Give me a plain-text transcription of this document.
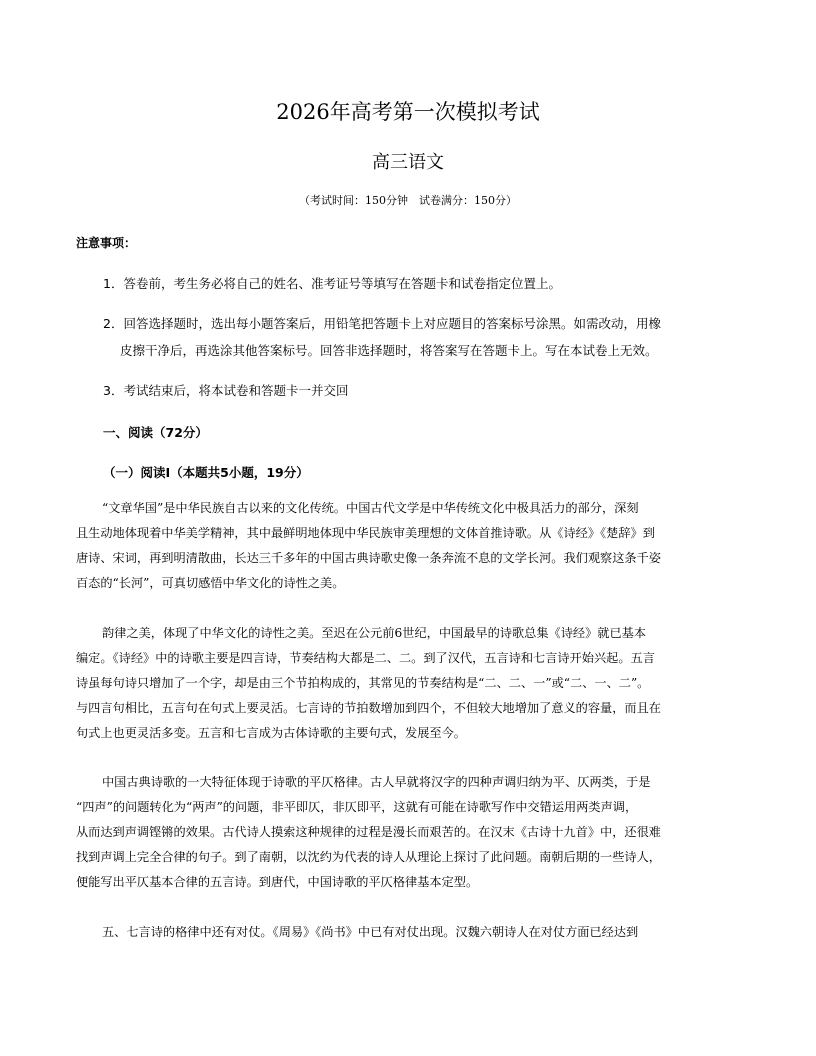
2026年高考第一次模拟考试
高三语文
（考试时间：150分钟　试卷满分：150分）
注意事项：
1．答卷前，考生务必将自己的姓名、准考证号等填写在答题卡和试卷指定位置上。
2．回答选择题时，选出每小题答案后，用铅笔把答题卡上对应题目的答案标号涂黑。如需改动，用橡
皮擦干净后，再选涂其他答案标号。回答非选择题时，将答案写在答题卡上。写在本试卷上无效。
3．考试结束后，将本试卷和答题卡一并交回
一、阅读（72分）
（一）阅读Ⅰ（本题共5小题，19分）
“文章华国”是中华民族自古以来的文化传统。中国古代文学是中华传统文化中极具活力的部分，深刻
且生动地体现着中华美学精神，其中最鲜明地体现中华民族审美理想的文体首推诗歌。从《诗经》《楚辞》到
唐诗、宋词，再到明清散曲，长达三千多年的中国古典诗歌史像一条奔流不息的文学长河。我们观察这条千姿
百态的“长河”，可真切感悟中华文化的诗性之美。
韵律之美，体现了中华文化的诗性之美。至迟在公元前6世纪，中国最早的诗歌总集《诗经》就已基本
编定。《诗经》中的诗歌主要是四言诗，节奏结构大都是二、二。到了汉代，五言诗和七言诗开始兴起。五言
诗虽每句诗只增加了一个字，却是由三个节拍构成的，其常见的节奏结构是“二、二、一”或“二、一、二”。
与四言句相比，五言句在句式上要灵活。七言诗的节拍数增加到四个，不但较大地增加了意义的容量，而且在
句式上也更灵活多变。五言和七言成为古体诗歌的主要句式，发展至今。
中国古典诗歌的一大特征体现于诗歌的平仄格律。古人早就将汉字的四种声调归纳为平、仄两类，于是
“四声”的问题转化为“两声”的问题，非平即仄，非仄即平，这就有可能在诗歌写作中交错运用两类声调，
从而达到声调铿锵的效果。古代诗人摸索这种规律的过程是漫长而艰苦的。在汉末《古诗十九首》中，还很难
找到声调上完全合律的句子。到了南朝，以沈约为代表的诗人从理论上探讨了此问题。南朝后期的一些诗人，
便能写出平仄基本合律的五言诗。到唐代，中国诗歌的平仄格律基本定型。
五、七言诗的格律中还有对仗。《周易》《尚书》中已有对仗出现。汉魏六朝诗人在对仗方面已经达到
